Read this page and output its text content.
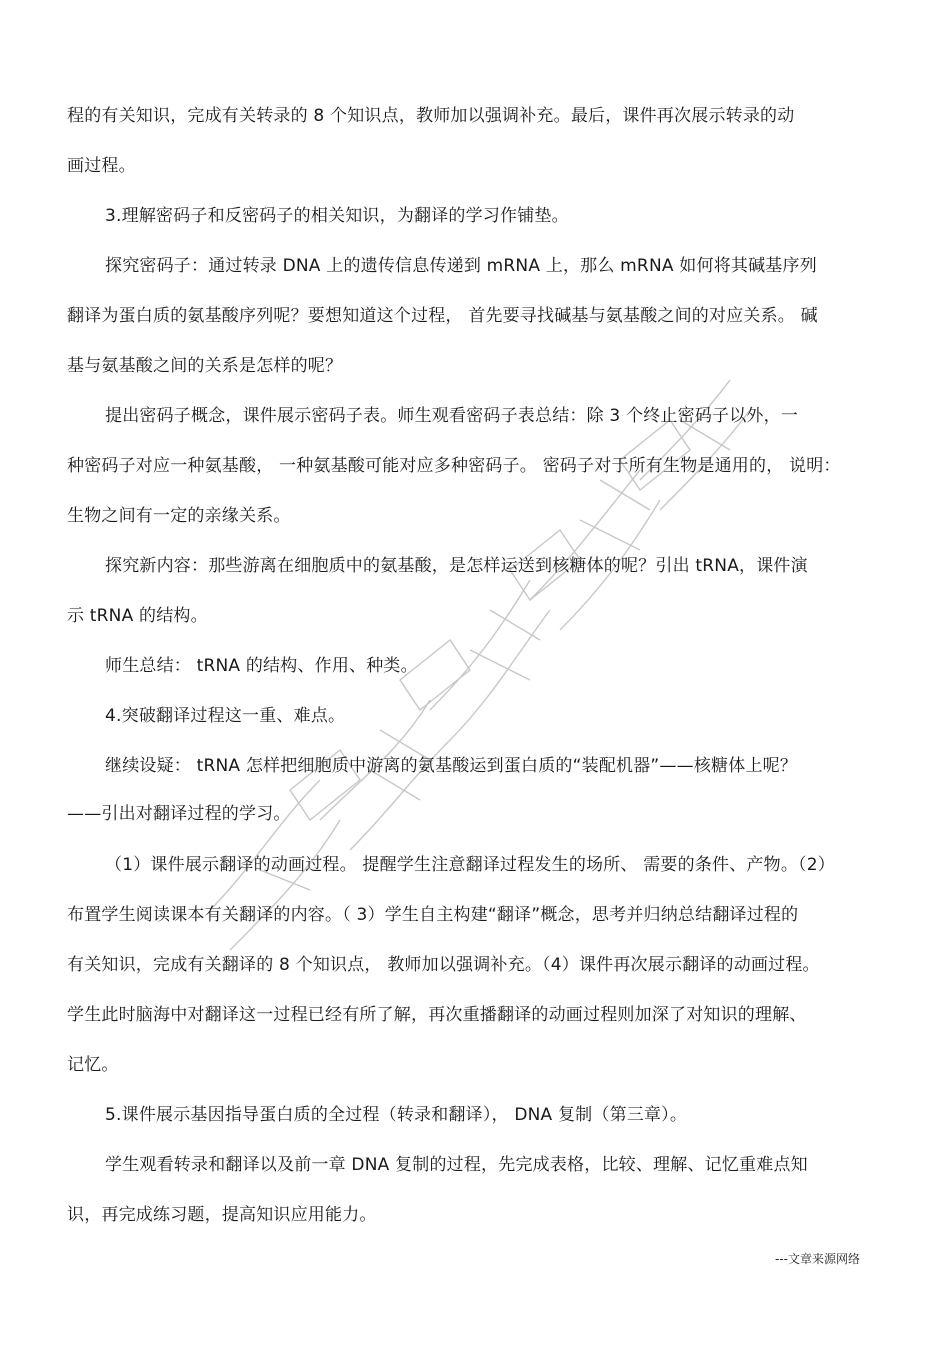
程的有关知识，完成有关转录的 8 个知识点，教师加以强调补充。最后，课件再次展示转录的动
画过程。
3.理解密码子和反密码子的相关知识，为翻译的学习作铺垫。
探究密码子：通过转录 DNA 上的遗传信息传递到 mRNA 上，那么 mRNA 如何将其碱基序列
翻译为蛋白质的氨基酸序列呢？要想知道这个过程， 首先要寻找碱基与氨基酸之间的对应关系。 碱
基与氨基酸之间的关系是怎样的呢？
提出密码子概念，课件展示密码子表。师生观看密码子表总结：除 3 个终止密码子以外，一
种密码子对应一种氨基酸， 一种氨基酸可能对应多种密码子。 密码子对于所有生物是通用的， 说明：
生物之间有一定的亲缘关系。
探究新内容：那些游离在细胞质中的氨基酸，是怎样运送到核糖体的呢？引出 tRNA，课件演
示 tRNA 的结构。
师生总结： tRNA 的结构、作用、种类。
4.突破翻译过程这一重、难点。
继续设疑： tRNA 怎样把细胞质中游离的氨基酸运到蛋白质的“装配机器”——核糖体上呢？
——引出对翻译过程的学习。
（1）课件展示翻译的动画过程。 提醒学生注意翻译过程发生的场所、 需要的条件、产物。（2）
布置学生阅读课本有关翻译的内容。（ 3）学生自主构建“翻译”概念，思考并归纳总结翻译过程的
有关知识，完成有关翻译的 8 个知识点， 教师加以强调补充。（4）课件再次展示翻译的动画过程。
学生此时脑海中对翻译这一过程已经有所了解，再次重播翻译的动画过程则加深了对知识的理解、
记忆。
5.课件展示基因指导蛋白质的全过程（转录和翻译）， DNA 复制（第三章）。
学生观看转录和翻译以及前一章 DNA 复制的过程，先完成表格，比较、理解、记忆重难点知
识，再完成练习题，提高知识应用能力。
---文章来源网络
